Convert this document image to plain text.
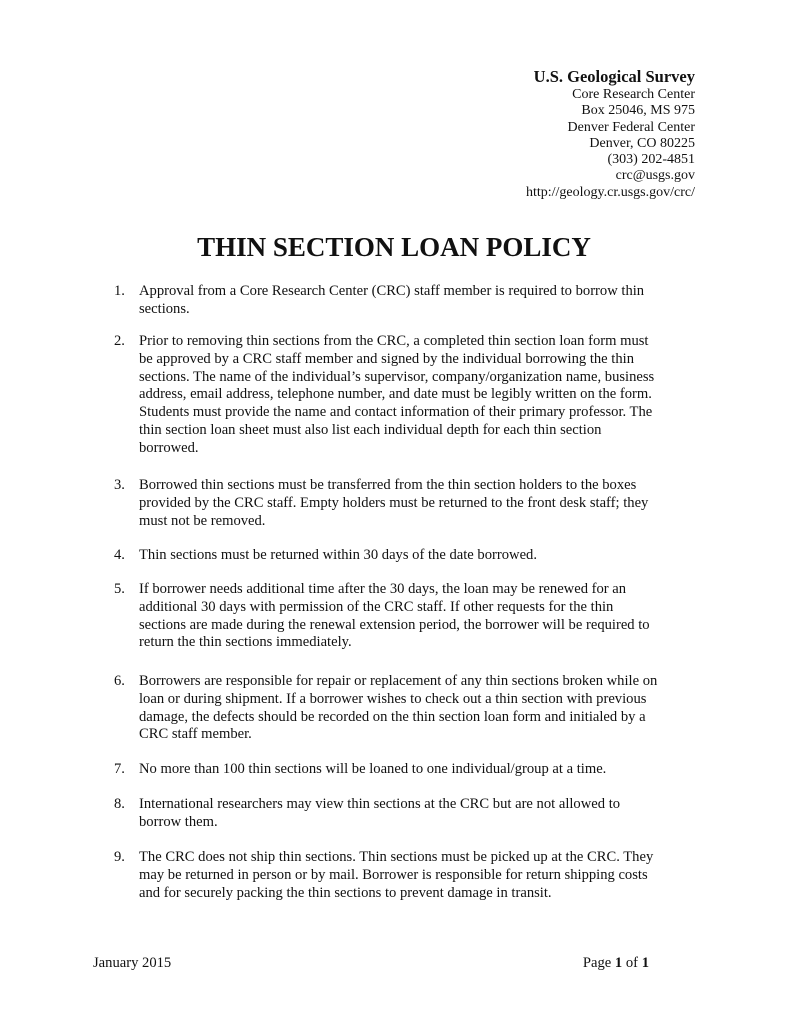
U.S. Geological Survey
Core Research Center
Box 25046, MS 975
Denver Federal Center
Denver, CO 80225
(303) 202-4851
crc@usgs.gov
http://geology.cr.usgs.gov/crc/
THIN SECTION LOAN POLICY
1. Approval from a Core Research Center (CRC) staff member is required to borrow thin
sections.
2. Prior to removing thin sections from the CRC, a completed thin section loan form must
be approved by a CRC staff member and signed by the individual borrowing the thin
sections. The name of the individual’s supervisor, company/organization name, business
address, email address, telephone number, and date must be legibly written on the form.
Students must provide the name and contact information of their primary professor. The
thin section loan sheet must also list each individual depth for each thin section
borrowed.
3. Borrowed thin sections must be transferred from the thin section holders to the boxes
provided by the CRC staff. Empty holders must be returned to the front desk staff; they
must not be removed.
4. Thin sections must be returned within 30 days of the date borrowed.
5. If borrower needs additional time after the 30 days, the loan may be renewed for an
additional 30 days with permission of the CRC staff. If other requests for the thin
sections are made during the renewal extension period, the borrower will be required to
return the thin sections immediately.
6. Borrowers are responsible for repair or replacement of any thin sections broken while on
loan or during shipment. If a borrower wishes to check out a thin section with previous
damage, the defects should be recorded on the thin section loan form and initialed by a
CRC staff member.
7. No more than 100 thin sections will be loaned to one individual/group at a time.
8. International researchers may view thin sections at the CRC but are not allowed to
borrow them.
9. The CRC does not ship thin sections. Thin sections must be picked up at the CRC. They
may be returned in person or by mail. Borrower is responsible for return shipping costs
and for securely packing the thin sections to prevent damage in transit.
January 2015	Page 1 of 1
